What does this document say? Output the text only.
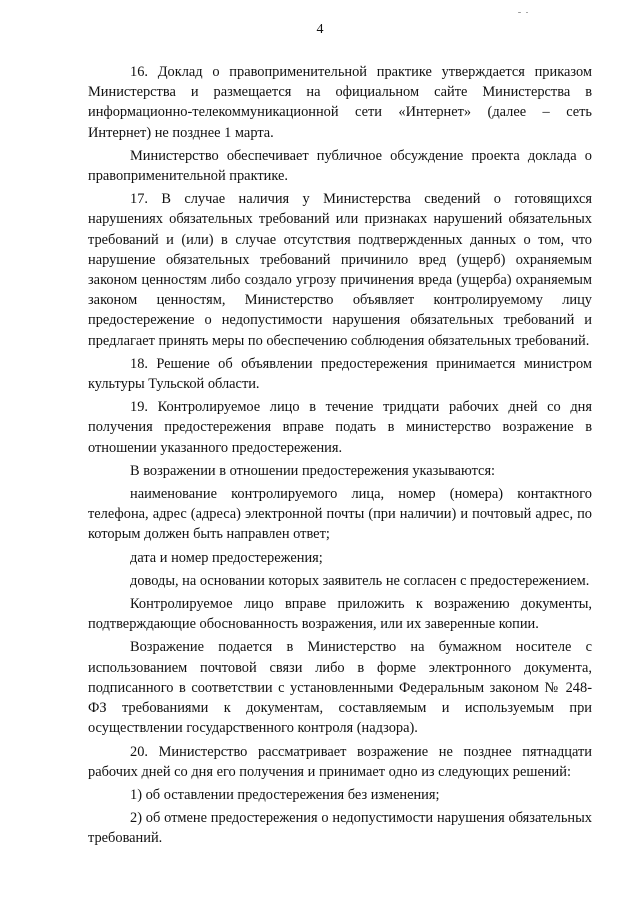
4

16. Доклад о правоприменительной практике утверждается приказом Министерства и размещается на официальном сайте Министерства в информационно-телекоммуникационной сети «Интернет» (далее – сеть Интернет) не позднее 1 марта.

Министерство обеспечивает публичное обсуждение проекта доклада о правоприменительной практике.

17. В случае наличия у Министерства сведений о готовящихся нарушениях обязательных требований или признаках нарушений обязательных требований и (или) в случае отсутствия подтвержденных данных о том, что нарушение обязательных требований причинило вред (ущерб) охраняемым законом ценностям либо создало угрозу причинения вреда (ущерба) охраняемым законом ценностям, Министерство объявляет контролируемому лицу предостережение о недопустимости нарушения обязательных требований и предлагает принять меры по обеспечению соблюдения обязательных требований.

18. Решение об объявлении предостережения принимается министром культуры Тульской области.

19. Контролируемое лицо в течение тридцати рабочих дней со дня получения предостережения вправе подать в министерство возражение в отношении указанного предостережения.

В возражении в отношении предостережения указываются:

наименование контролируемого лица, номер (номера) контактного телефона, адрес (адреса) электронной почты (при наличии) и почтовый адрес, по которым должен быть направлен ответ;

дата и номер предостережения;

доводы, на основании которых заявитель не согласен с предостережением.

Контролируемое лицо вправе приложить к возражению документы, подтверждающие обоснованность возражения, или их заверенные копии.

Возражение подается в Министерство на бумажном носителе с использованием почтовой связи либо в форме электронного документа, подписанного в соответствии с установленными Федеральным законом № 248-ФЗ требованиями к документам, составляемым и используемым при осуществлении государственного контроля (надзора).

20. Министерство рассматривает возражение не позднее пятнадцати рабочих дней со дня его получения и принимает одно из следующих решений:

1) об оставлении предостережения без изменения;

2) об отмене предостережения о недопустимости нарушения обязательных требований.
